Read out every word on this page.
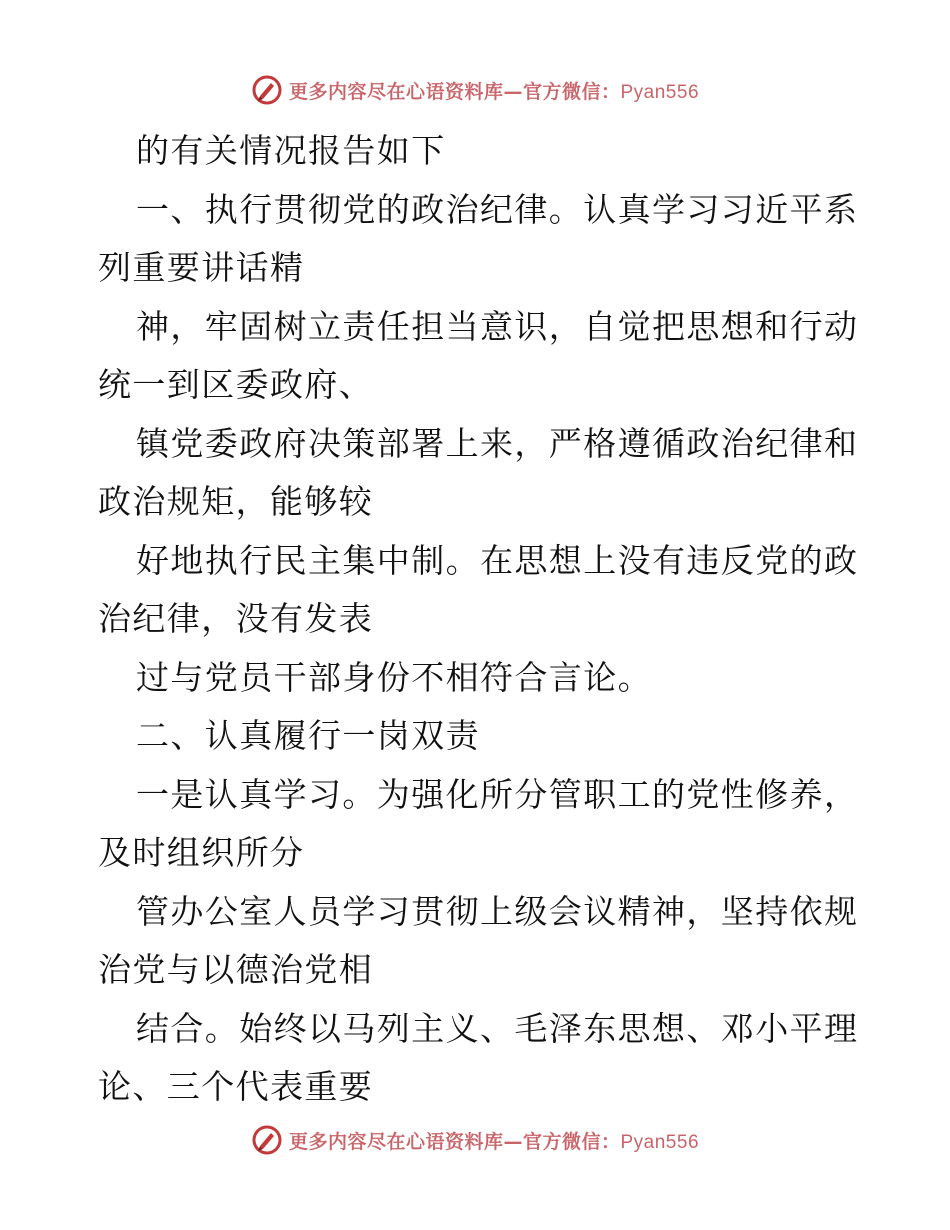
更多内容尽在心语资料库—官方微信：Pyan556
的有关情况报告如下
一、执行贯彻党的政治纪律。认真学习习近平系
列重要讲话精
神，牢固树立责任担当意识，自觉把思想和行动
统一到区委政府、
镇党委政府决策部署上来，严格遵循政治纪律和
政治规矩，能够较
好地执行民主集中制。在思想上没有违反党的政
治纪律，没有发表
过与党员干部身份不相符合言论。
二、认真履行一岗双责
一是认真学习。为强化所分管职工的党性修养，
及时组织所分
管办公室人员学习贯彻上级会议精神，坚持依规
治党与以德治党相
结合。始终以马列主义、毛泽东思想、邓小平理
论、三个代表重要
更多内容尽在心语资料库—官方微信：Pyan556
